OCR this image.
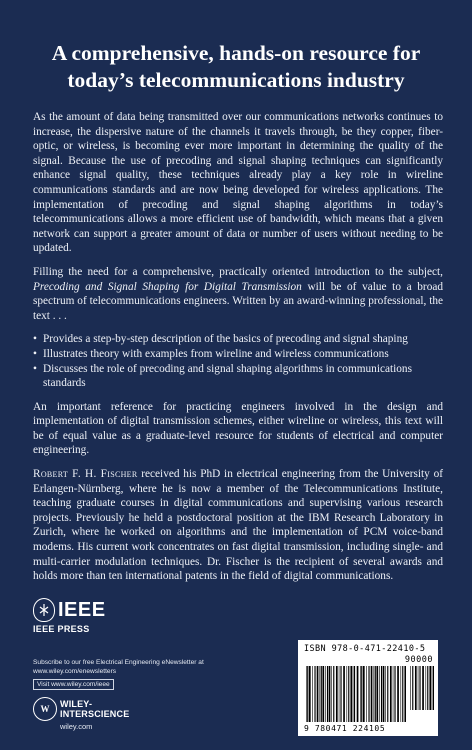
A comprehensive, hands-on resource for
today’s telecommunications industry

As the amount of data being transmitted over our communications networks continues to increase, the dispersive nature of the channels it travels through, be they copper, fiber-optic, or wireless, is becoming ever more important in determining the quality of the signal. Because the use of precoding and signal shaping techniques can significantly enhance signal quality, these techniques already play a key role in wireline communications standards and are now being developed for wireless applications. The implementation of precoding and signal shaping algorithms in today’s telecommunications allows a more efficient use of bandwidth, which means that a given network can support a greater amount of data or number of users without needing to be updated.

Filling the need for a comprehensive, practically oriented introduction to the subject, Precoding and Signal Shaping for Digital Transmission will be of value to a broad spectrum of telecommunications engineers. Written by an award-winning professional, the text . . .

• Provides a step-by-step description of the basics of precoding and signal shaping
• Illustrates theory with examples from wireline and wireless communications
• Discusses the role of precoding and signal shaping algorithms in communications standards

An important reference for practicing engineers involved in the design and implementation of digital transmission schemes, either wireline or wireless, this text will be of equal value as a graduate-level resource for students of electrical and computer engineering.

Robert F. H. Fischer received his PhD in electrical engineering from the University of Erlangen-Nürnberg, where he is now a member of the Telecommunications Institute, teaching graduate courses in digital communications and supervising various research projects. Previously he held a postdoctoral position at the IBM Research Laboratory in Zurich, where he worked on algorithms and the implementation of PCM voice-band modems. His current work concentrates on fast digital transmission, including single- and multi-carrier modulation techniques. Dr. Fischer is the recipient of several awards and holds more than ten international patents in the field of digital communications.

IEEE
IEEE PRESS
Subscribe to our free Electrical Engineering eNewsletter at www.wiley.com/enewsletters
Visit www.wiley.com/ieee
W	WILEY-
INTERSCIENCE
wiley.com
ISBN 978-0-471-22410-5
90000
9 780471 224105
